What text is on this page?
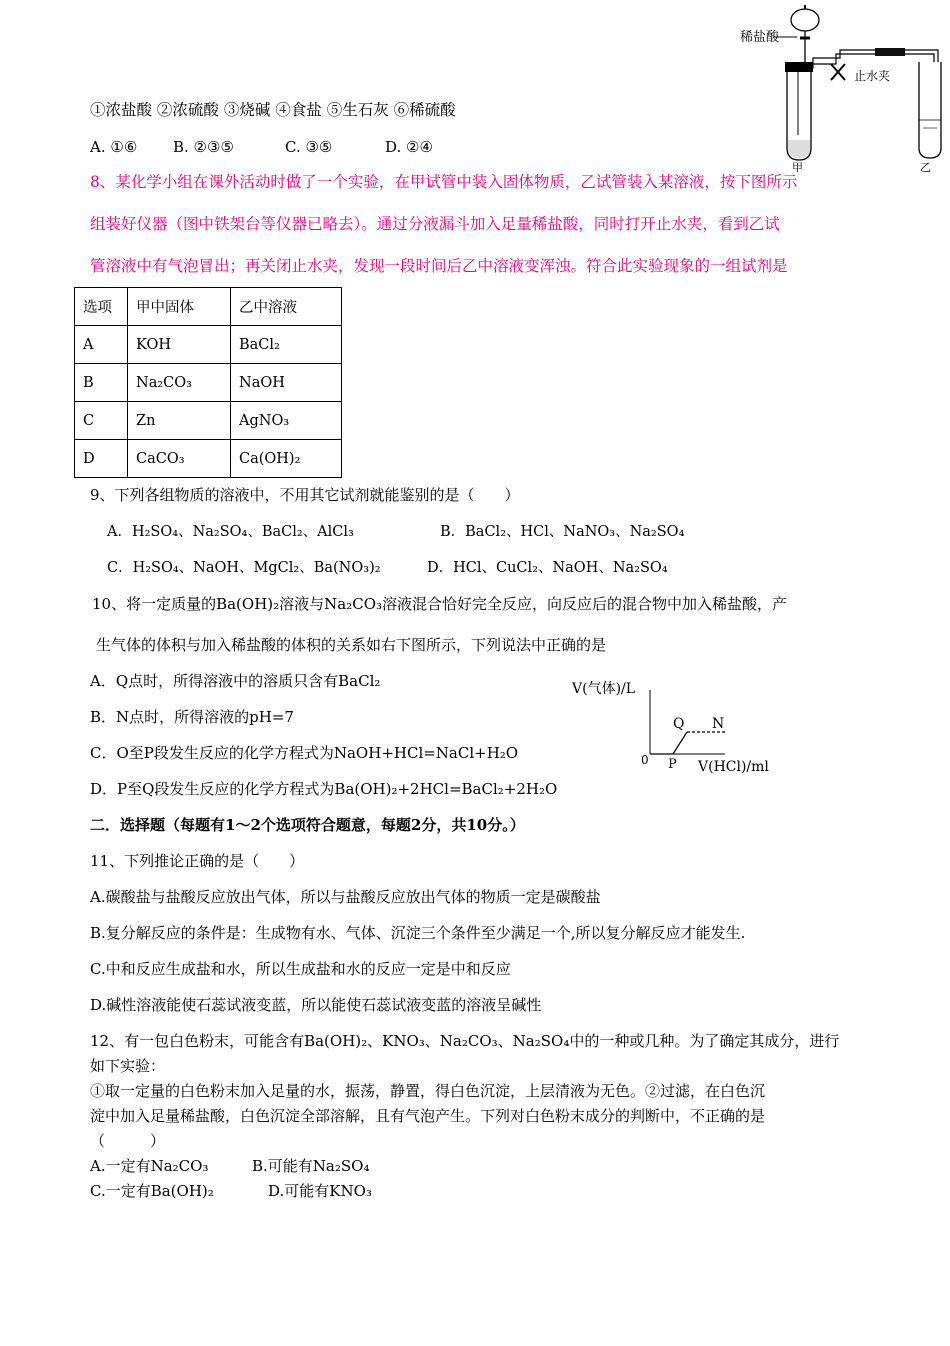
稀盐酸
止水夹
甲	乙
①浓盐酸 ②浓硫酸 ③烧碱 ④食盐 ⑤生石灰 ⑥稀硫酸
A. ①⑥ B. ②③⑤	C. ③⑤	D. ②④
8、某化学小组在课外活动时做了一个实验，在甲试管中装入固体物质，乙试管装入某溶液，按下图所示
组装好仪器（图中铁架台等仪器已略去）。通过分液漏斗加入足量稀盐酸，同时打开止水夹，看到乙试
管溶液中有气泡冒出；再关闭止水夹，发现一段时间后乙中溶液变浑浊。符合此实验现象的一组试剂是
选项	甲中固体	乙中溶液
A	KOH	BaCl₂
B	Na₂CO₃	NaOH
C	Zn	AgNO₃
D	CaCO₃	Ca(OH)₂
9、下列各组物质的溶液中，不用其它试剂就能鉴别的是（　　）
A．H₂SO₄、Na₂SO₄、BaCl₂、AlCl₃	B．BaCl₂、HCl、NaNO₃、Na₂SO₄
C．H₂SO₄、NaOH、MgCl₂、Ba(NO₃)₂	D．HCl、CuCl₂、NaOH、Na₂SO₄
10、将一定质量的Ba(OH)₂溶液与Na₂CO₃溶液混合恰好完全反应，向反应后的混合物中加入稀盐酸，产
生气体的体积与加入稀盐酸的体积的关系如右下图所示，下列说法中正确的是
A．Q点时，所得溶液中的溶质只含有BaCl₂
B．N点时，所得溶液的pH=7
C．O至P段发生反应的化学方程式为NaOH+HCl=NaCl+H₂O
D．P至Q段发生反应的化学方程式为Ba(OH)₂+2HCl=BaCl₂+2H₂O
V(气体)/L
V(HCl)/ml
0 P
Q N
二．选择题（每题有1～2个选项符合题意，每题2分，共10分。）
11、下列推论正确的是（　　）
A.碳酸盐与盐酸反应放出气体，所以与盐酸反应放出气体的物质一定是碳酸盐
B.复分解反应的条件是：生成物有水、气体、沉淀三个条件至少满足一个,所以复分解反应才能发生.
C.中和反应生成盐和水，所以生成盐和水的反应一定是中和反应
D.碱性溶液能使石蕊试液变蓝，所以能使石蕊试液变蓝的溶液呈碱性
12、有一包白色粉末，可能含有Ba(OH)₂、KNO₃、Na₂CO₃、Na₂SO₄中的一种或几种。为了确定其成分，进行
如下实验：
①取一定量的白色粉末加入足量的水，振荡，静置，得白色沉淀，上层清液为无色。②过滤，在白色沉
淀中加入足量稀盐酸，白色沉淀全部溶解，且有气泡产生。下列对白色粉末成分的判断中，不正确的是
（　　　）
A.一定有Na₂CO₃	B.可能有Na₂SO₄
C.一定有Ba(OH)₂	D.可能有KNO₃
